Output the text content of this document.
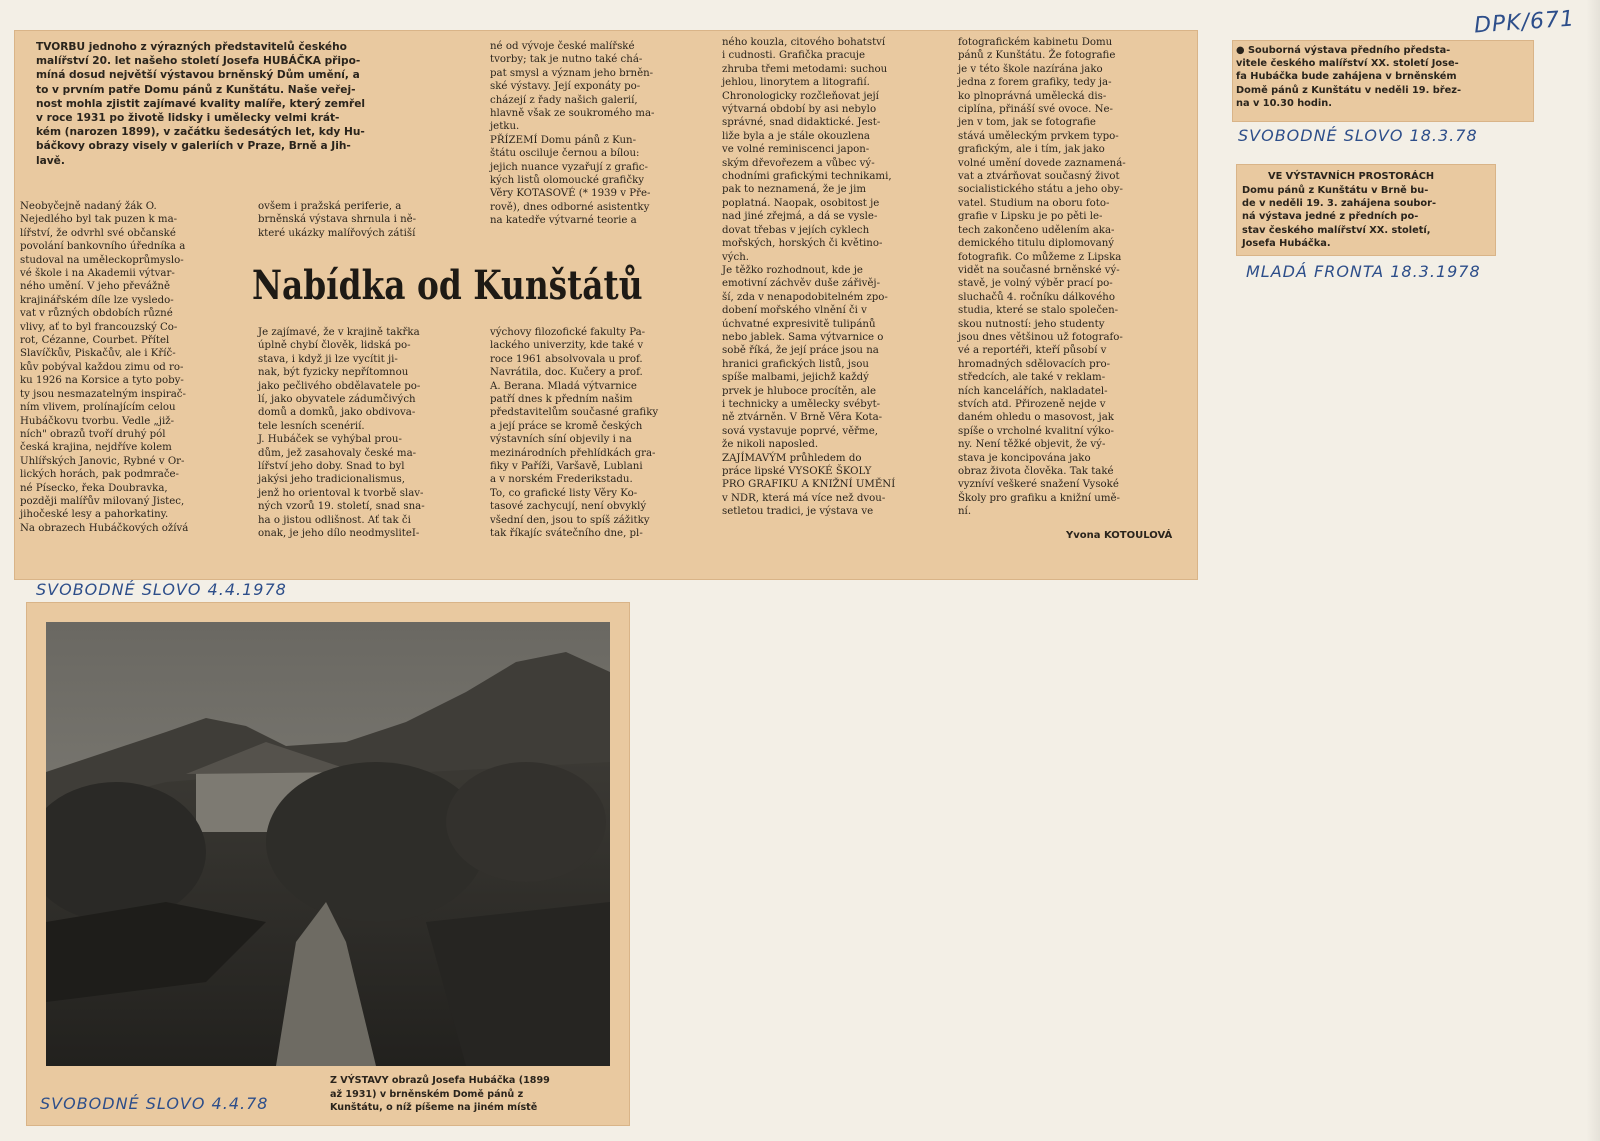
DPK/671
TVORBU jednoho z výrazných představitelů českého
malířství 20. let našeho století Josefa HUBÁČKA připo-
míná dosud největší výstavou brněnský Dům umění, a
to v prvním patře Domu pánů z Kunštátu. Naše veřej-
nost mohla zjistit zajímavé kvality malíře, který zemřel
v roce 1931 po životě lidsky i umělecky velmi krát-
kém (narozen 1899), v začátku šedesátých let, kdy Hu-
báčkovy obrazy visely v galeriích v Praze, Brně a Jih-
lavě.
Nabídka od Kunštátů
Neobyčejně nadaný žák O.
Nejedlého byl tak puzen k ma-
lířství, že odvrhl své občanské
povolání bankovního úředníka a
studoval na uměleckoprůmyslo-
vé škole i na Akademii výtvar-
ného umění. V jeho převážně
krajinářském díle lze vysledo-
vat v různých obdobích různé
vlivy, ať to byl francouzský Co-
rot, Cézanne, Courbet. Přítel
Slavíčkův, Piskačův, ale i Kříč-
kův pobýval každou zimu od ro-
ku 1926 na Korsice a tyto poby-
ty jsou nesmazatelným inspirač-
ním vlivem, prolínajícím celou
Hubáčkovu tvorbu. Vedle „již-
ních" obrazů tvoří druhý pól
česká krajina, nejdříve kolem
Uhlířských Janovic, Rybné v Or-
lických horách, pak podmrače-
né Písecko, řeka Doubravka,
později malířův milovaný Jistec,
jihočeské lesy a pahorkatiny.
Na obrazech Hubáčkových ožívá
ovšem i pražská periferie, a
brněnská výstava shrnula i ně-
které ukázky malířových zátiší
Je zajímavé, že v krajině takřka
úplně chybí člověk, lidská po-
stava, i když ji lze vycítit ji-
nak, být fyzicky nepřítomnou
jako pečlivého obdělavatele po-
lí, jako obyvatele zádumčivých
domů a domků, jako obdivova-
tele lesních scenérií.
J. Hubáček se vyhýbal prou-
dům, jež zasahovaly české ma-
lířství jeho doby. Snad to byl
jakýsi jeho tradicionalismus,
jenž ho orientoval k tvorbě slav-
ných vzorů 19. století, snad sna-
ha o jistou odlišnost. Ať tak či
onak, je jeho dílo neodmysliteI-
né od vývoje české malířské
tvorby; tak je nutno také chá-
pat smysl a význam jeho brněn-
ské výstavy. Její exponáty po-
cházejí z řady našich galerií,
hlavně však ze soukromého ma-
jetku.
PŘÍZEMÍ Domu pánů z Kun-
štátu osciluje černou a bílou:
jejich nuance vyzařují z grafic-
kých listů olomoucké grafičky
Věry KOTASOVÉ (* 1939 v Pře-
rově), dnes odborné asistentky
na katedře výtvarné teorie a
výchovy filozofické fakulty Pa-
lackého univerzity, kde také v
roce 1961 absolvovala u prof.
Navrátila, doc. Kučery a prof.
A. Berana. Mladá výtvarnice
patří dnes k předním našim
představitelům současné grafiky
a její práce se kromě českých
výstavních síní objevily i na
mezinárodních přehlídkách gra-
fiky v Paříži, Varšavě, Lublani
a v norském Frederikstadu.
To, co grafické listy Věry Ko-
tasové zachycují, není obvyklý
všední den, jsou to spíš zážitky
tak říkajíc svátečního dne, pl-
ného kouzla, citového bohatství
i cudnosti. Grafička pracuje
zhruba třemi metodami: suchou
jehlou, linorytem a litografií.
Chronologicky rozčleňovat její
výtvarná období by asi nebylo
správné, snad didaktické. Jest-
liže byla a je stále okouzlena
ve volné reminiscenci japon-
ským dřevořezem a vůbec vý-
chodními grafickými technikami,
pak to neznamená, že je jim
poplatná. Naopak, osobitost je
nad jiné zřejmá, a dá se vysle-
dovat třebas v jejích cyklech
mořských, horských či květino-
vých.
Je těžko rozhodnout, kde je
emotivní záchvěv duše zářivěj-
ší, zda v nenapodobitelném zpo-
dobení mořského vlnění či v
úchvatné expresivitě tulipánů
nebo jablek. Sama výtvarnice o
sobě říká, že její práce jsou na
hranici grafických listů, jsou
spíše malbami, jejichž každý
prvek je hluboce procítěn, ale
i technicky a umělecky svébyt-
ně ztvárněn. V Brně Věra Kota-
sová vystavuje poprvé, věřme,
že nikoli naposled.
ZAJÍMAVÝM průhledem do
práce lipské VYSOKÉ ŠKOLY
PRO GRAFIKU A KNIŽNÍ UMĚNÍ
v NDR, která má více než dvou-
setletou tradici, je výstava ve
fotografickém kabinetu Domu
pánů z Kunštátu. Že fotografie
je v této škole nazírána jako
jedna z forem grafiky, tedy ja-
ko plnoprávná umělecká dis-
ciplína, přináší své ovoce. Ne-
jen v tom, jak se fotografie
stává uměleckým prvkem typo-
grafickým, ale i tím, jak jako
volné umění dovede zaznamená-
vat a ztvárňovat současný život
socialistického státu a jeho oby-
vatel. Studium na oboru foto-
grafie v Lipsku je po pěti le-
tech zakončeno udělením aka-
demického titulu diplomovaný
fotografik. Co můžeme z Lipska
vidět na současné brněnské vý-
stavě, je volný výběr prací po-
sluchačů 4. ročníku dálkového
studia, které se stalo společen-
skou nutností: jeho studenty
jsou dnes většinou už fotografo-
vé a reportéři, kteří působí v
hromadných sdělovacích pro-
středcích, ale také v reklam-
ních kancelářích, nakladatel-
stvích atd. Přirozeně nejde v
daném ohledu o masovost, jak
spíše o vrcholné kvalitní výko-
ny. Není těžké objevit, že vý-
stava je koncipována jako
obraz života člověka. Tak také
vyzníví veškeré snažení Vysoké
Školy pro grafiku a knižní umě-
ní.
Yvona KOTOULOVÁ
SVOBODNÉ SLOVO 4.4.1978
● Souborná výstava předního předsta-
vitele českého malířství XX. století Jose-
fa Hubáčka bude zahájena v brněnském
Domě pánů z Kunštátu v neděli 19. břez-
na v 10.30 hodin.
SVOBODNÉ SLOVO 18.3.78
VE VÝSTAVNÍCH PROSTORÁCH
Domu pánů z Kunštátu v Brně bu-
de v neděli 19. 3. zahájena soubor-
ná výstava jedné z předních po-
stav českého malířství XX. století,
Josefa Hubáčka.
MLADÁ FRONTA 18.3.1978
Z VÝSTAVY obrazů Josefa Hubáčka (1899
až 1931) v brněnském Domě pánů z
Kunštátu, o níž píšeme na jiném místě
SVOBODNÉ SLOVO 4.4.78
